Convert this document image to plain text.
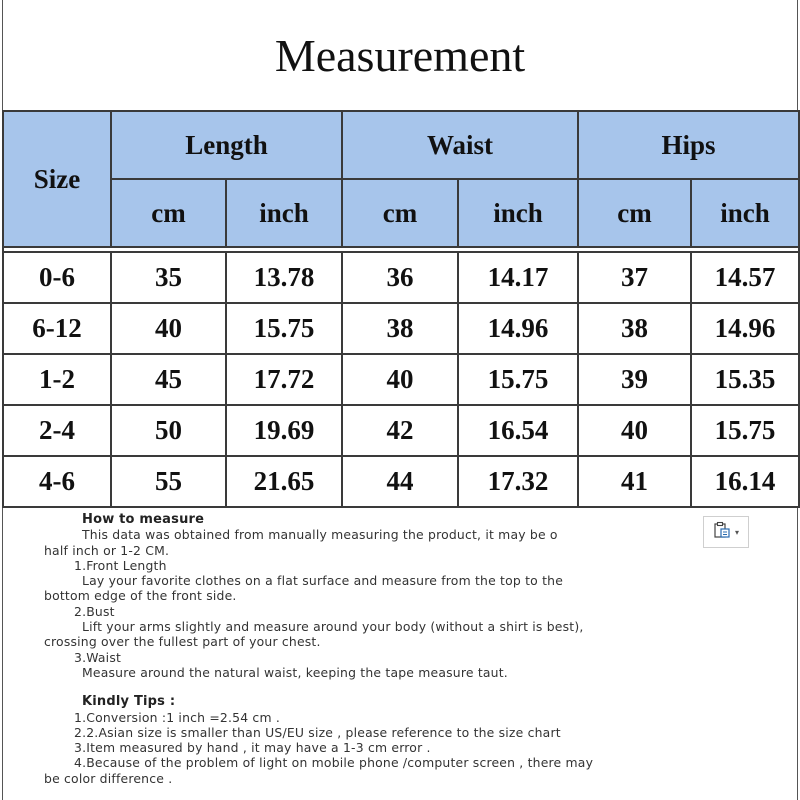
Measurement
Size	Length		Waist		Hips	
	cm	inch	cm	inch	cm	inch

0-6	35	13.78	36	14.17	37	14.57
6-12	40	15.75	38	14.96	38	14.96
1-2	45	17.72	40	15.75	39	15.35
2-4	50	19.69	42	16.54	40	15.75
4-6	55	21.65	44	17.32	41	16.14
How to measure
This data was obtained from manually measuring the product, it may be o
half inch or 1-2 CM.
1.Front Length
Lay your favorite clothes on a flat surface and measure from the top to the
bottom edge of the front side.
2.Bust
Lift your arms slightly and measure around your body (without a shirt is best),
crossing over the fullest part of your chest.
3.Waist
Measure around the natural waist, keeping the tape measure taut.
Kindly Tips :
1.Conversion :1 inch =2.54 cm .
2.2.Asian size is smaller than US/EU size , please reference to the size chart
3.Item measured by hand , it may have a 1-3 cm error .
4.Because of the problem of light on mobile phone /computer screen , there may
be color difference .
▾
